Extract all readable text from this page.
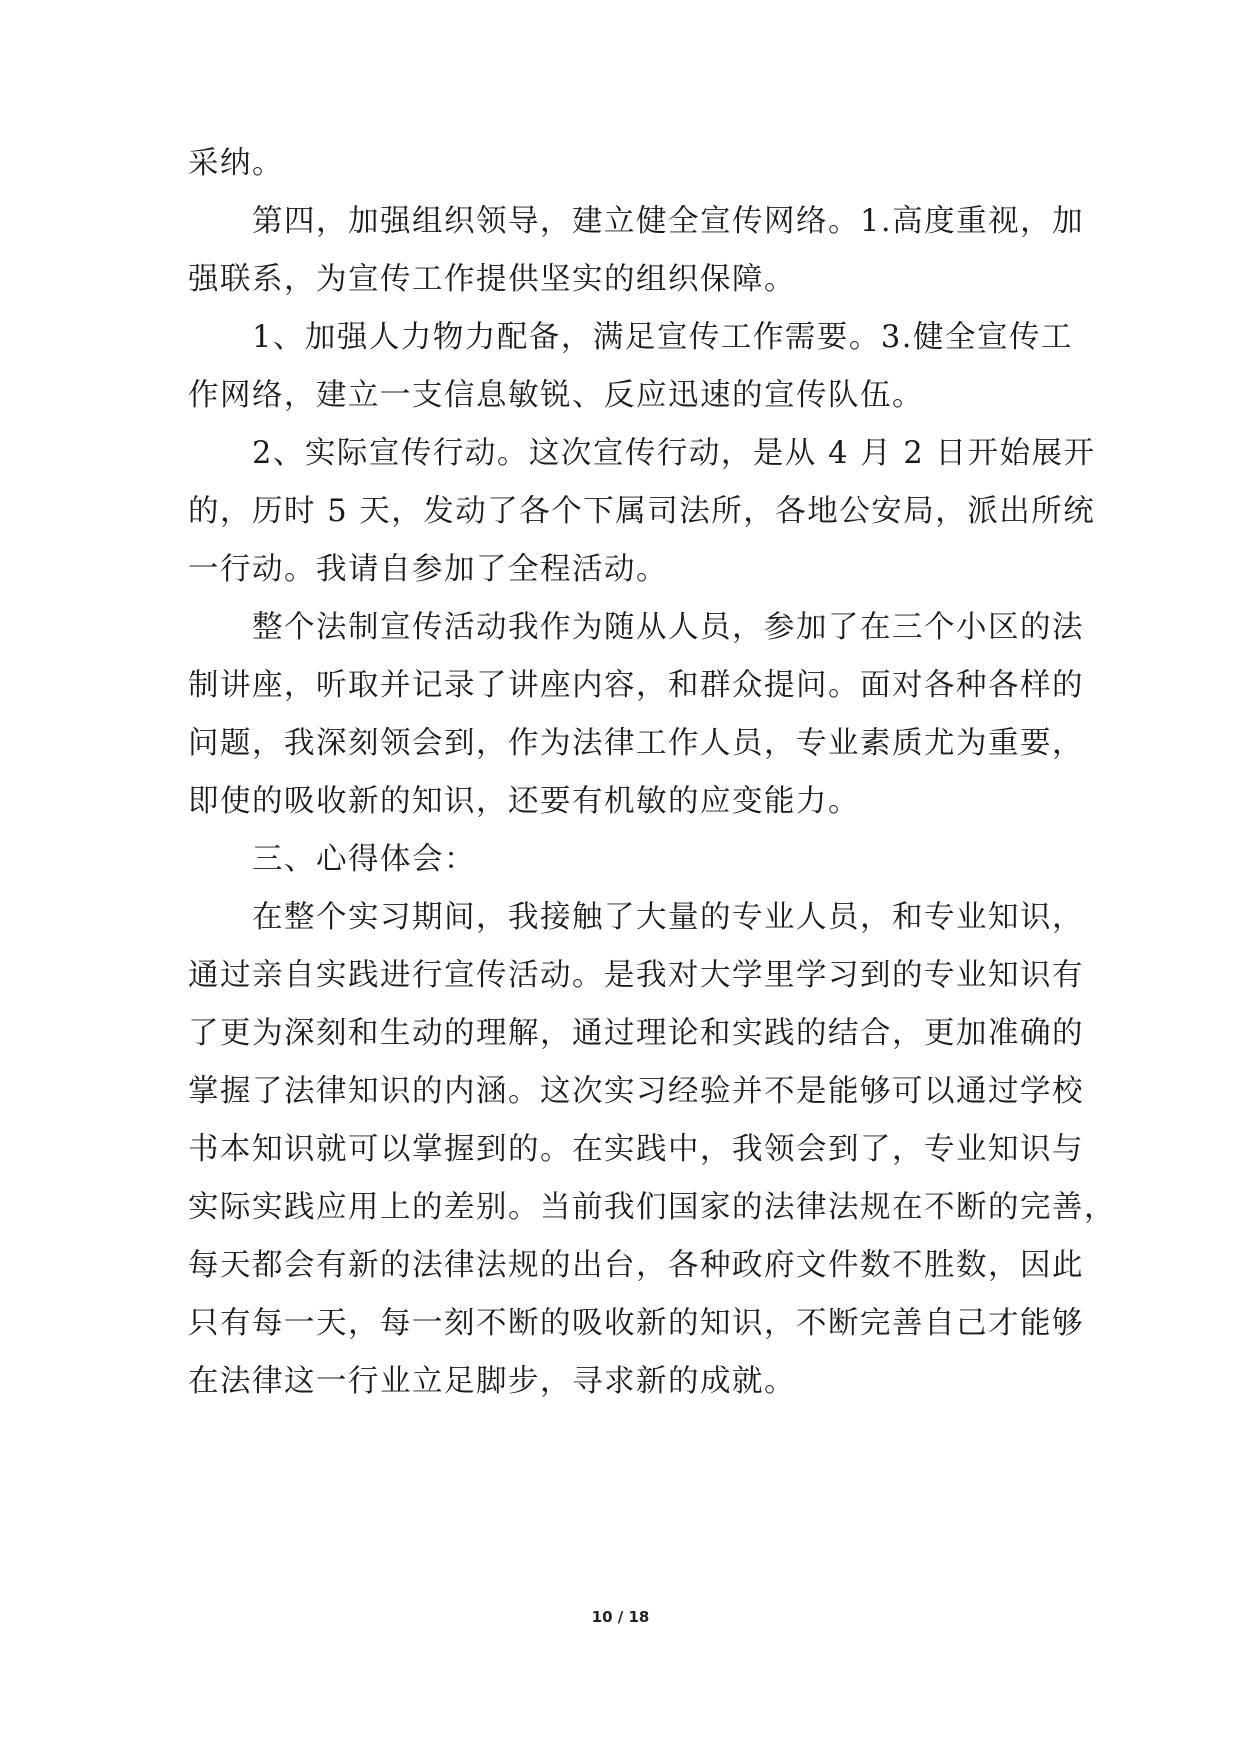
采纳。
第四，加强组织领导，建立健全宣传网络。1.高度重视，加
强联系，为宣传工作提供坚实的组织保障。
1、加强人力物力配备，满足宣传工作需要。3.健全宣传工
作网络，建立一支信息敏锐、反应迅速的宣传队伍。
2、实际宣传行动。这次宣传行动，是从 4 月 2 日开始展开
的，历时 5 天，发动了各个下属司法所，各地公安局，派出所统
一行动。我请自参加了全程活动。
整个法制宣传活动我作为随从人员，参加了在三个小区的法
制讲座，听取并记录了讲座内容，和群众提问。面对各种各样的
问题，我深刻领会到，作为法律工作人员，专业素质尤为重要，
即使的吸收新的知识，还要有机敏的应变能力。
三、心得体会：
在整个实习期间，我接触了大量的专业人员，和专业知识，
通过亲自实践进行宣传活动。是我对大学里学习到的专业知识有
了更为深刻和生动的理解，通过理论和实践的结合，更加准确的
掌握了法律知识的内涵。这次实习经验并不是能够可以通过学校
书本知识就可以掌握到的。在实践中，我领会到了，专业知识与
实际实践应用上的差别。当前我们国家的法律法规在不断的完善，
每天都会有新的法律法规的出台，各种政府文件数不胜数，因此
只有每一天，每一刻不断的吸收新的知识，不断完善自己才能够
在法律这一行业立足脚步，寻求新的成就。
10 / 18
